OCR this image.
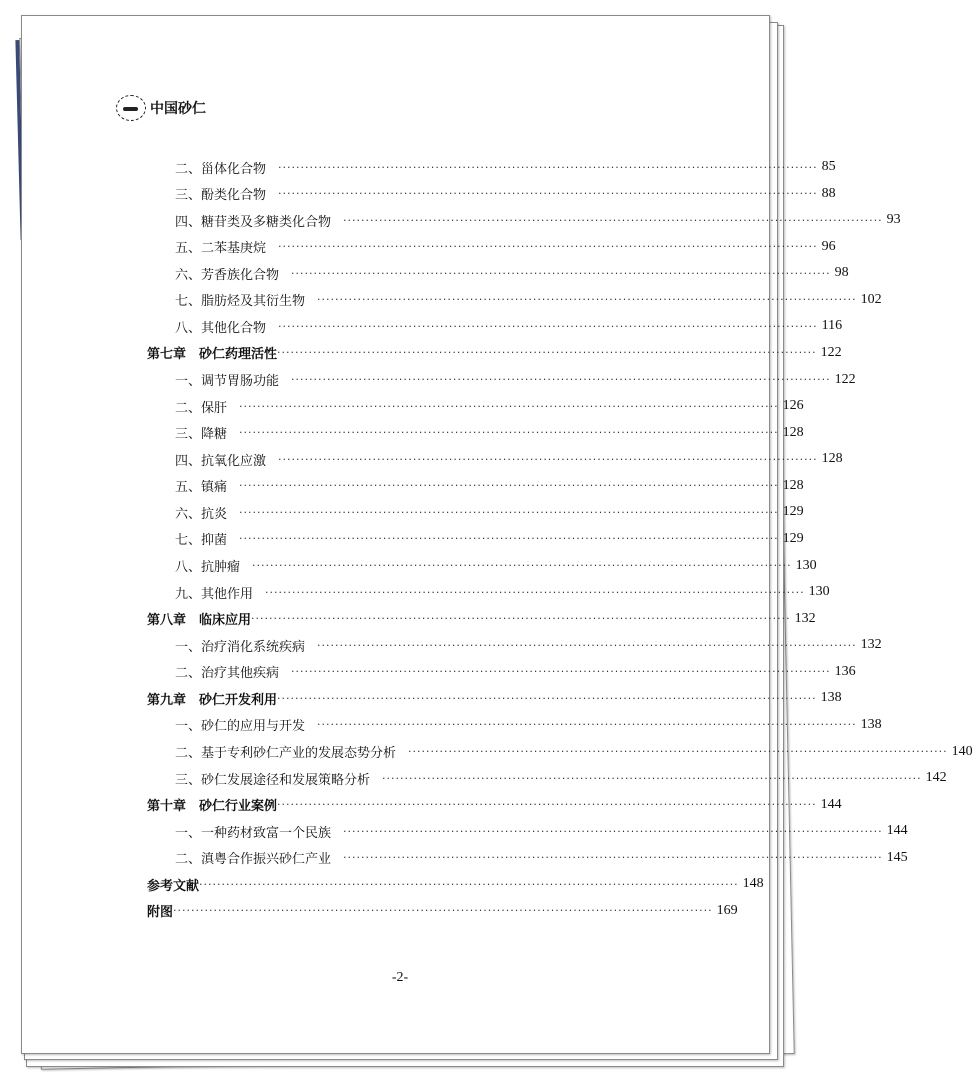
中国砂仁
二、甾体化合物 ························································································································ 85
三、酚类化合物 ························································································································ 88
四、糖苷类及多糖类化合物 ························································································································ 93
五、二苯基庚烷 ························································································································ 96
六、芳香族化合物 ························································································································ 98
七、脂肪烃及其衍生物 ························································································································ 102
八、其他化合物 ························································································································ 116
第七章　砂仁药理活性 ························································································································ 122
一、调节胃肠功能 ························································································································ 122
二、保肝 ························································································································ 126
三、降糖 ························································································································ 128
四、抗氧化应激 ························································································································ 128
五、镇痛 ························································································································ 128
六、抗炎 ························································································································ 129
七、抑菌 ························································································································ 129
八、抗肿瘤 ························································································································ 130
九、其他作用 ························································································································ 130
第八章　临床应用 ························································································································ 132
一、治疗消化系统疾病 ························································································································ 132
二、治疗其他疾病 ························································································································ 136
第九章　砂仁开发利用 ························································································································ 138
一、砂仁的应用与开发 ························································································································ 138
二、基于专利砂仁产业的发展态势分析 ························································································································ 140
三、砂仁发展途径和发展策略分析 ························································································································ 142
第十章　砂仁行业案例 ························································································································ 144
一、一种药材致富一个民族 ························································································································ 144
二、滇粤合作振兴砂仁产业 ························································································································ 145
参考文献 ························································································································ 148
附图 ························································································································ 169
-2-
